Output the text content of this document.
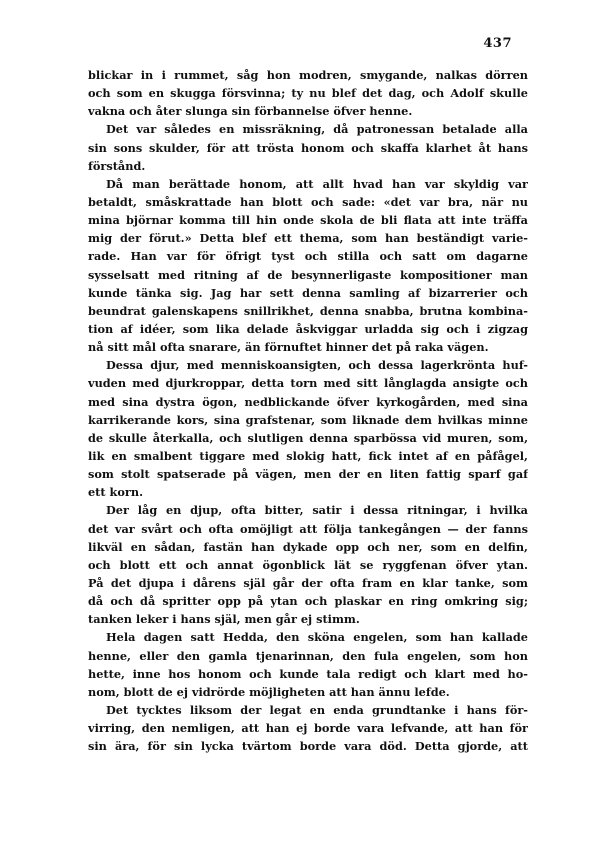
437
blickar in i rummet, såg hon modren, smygande, nalkas dörren
och som en skugga försvinna; ty nu blef det dag, och Adolf skulle
vakna och åter slunga sin förbannelse öfver henne.
Det var således en missräkning, då patronessan betalade alla
sin sons skulder, för att trösta honom och skaffa klarhet åt hans
förstånd.
Då man berättade honom, att allt hvad han var skyldig var
betaldt, småskrattade han blott och sade: «det var bra, när nu
mina björnar komma till hin onde skola de bli flata att inte träffa
mig der förut.» Detta blef ett thema, som han beständigt varie-
rade. Han var för öfrigt tyst och stilla och satt om dagarne
sysselsatt med ritning af de besynnerligaste kompositioner man
kunde tänka sig. Jag har sett denna samling af bizarrerier och
beundrat galenskapens snillrikhet, denna snabba, brutna kombina-
tion af idéer, som lika delade åskviggar urladda sig och i zigzag
nå sitt mål ofta snarare, än förnuftet hinner det på raka vägen.
Dessa djur, med menniskoansigten, och dessa lagerkrönta huf-
vuden med djurkroppar, detta torn med sitt långlagda ansigte och
med sina dystra ögon, nedblickande öfver kyrkogården, med sina
karrikerande kors, sina grafstenar, som liknade dem hvilkas minne
de skulle återkalla, och slutligen denna sparbössa vid muren, som,
lik en smalbent tiggare med slokig hatt, fick intet af en påfågel,
som stolt spatserade på vägen, men der en liten fattig sparf gaf
ett korn.
Der låg en djup, ofta bitter, satir i dessa ritningar, i hvilka
det var svårt och ofta omöjligt att följa tankegången — der fanns
likväl en sådan, fastän han dykade opp och ner, som en delfin,
och blott ett och annat ögonblick lät se ryggfenan öfver ytan.
På det djupa i dårens själ går der ofta fram en klar tanke, som
då och då spritter opp på ytan och plaskar en ring omkring sig;
tanken leker i hans själ, men går ej stimm.
Hela dagen satt Hedda, den sköna engelen, som han kallade
henne, eller den gamla tjenarinnan, den fula engelen, som hon
hette, inne hos honom och kunde tala redigt och klart med ho-
nom, blott de ej vidrörde möjligheten att han ännu lefde.
Det tycktes liksom der legat en enda grundtanke i hans för-
virring, den nemligen, att han ej borde vara lefvande, att han för
sin ära, för sin lycka tvärtom borde vara död. Detta gjorde, att
